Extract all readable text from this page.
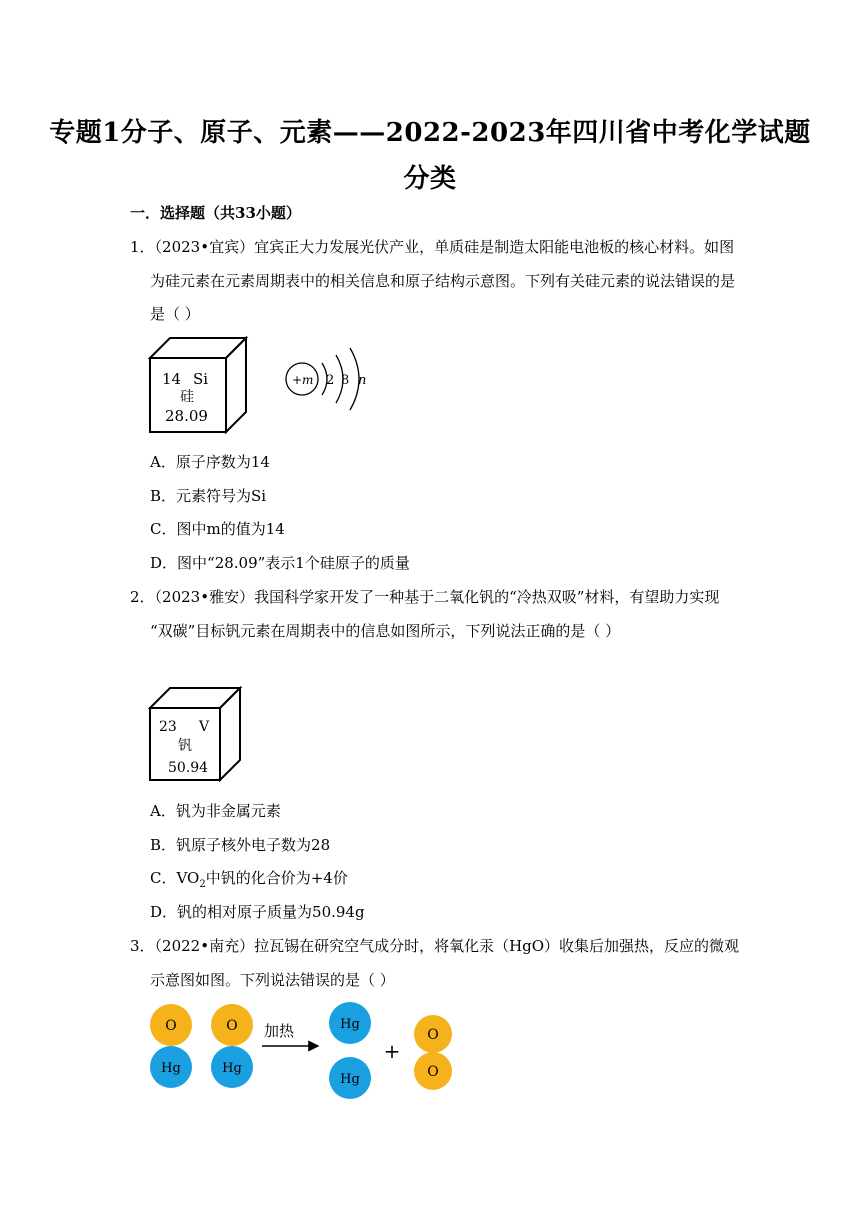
专题1分子、原子、元素——2022-2023年四川省中考化学试题
分类
一．选择题（共33小题）
1．（2023•宜宾）宜宾正大力发展光伏产业，单质硅是制造太阳能电池板的核心材料。如图
为硅元素在元素周期表中的相关信息和原子结构示意图。下列有关硅元素的说法错误的是
是（ ）
14 Si
硅
28.09
+m 2 8 n
A．原子序数为14
B．元素符号为Si
C．图中m的值为14
D．图中“28.09”表示1个硅原子的质量
2．（2023•雅安）我国科学家开发了一种基于二氧化钒的“冷热双吸”材料，有望助力实现
“双碳”目标钒元素在周期表中的信息如图所示，下列说法正确的是（ ）
23 V
钒
50.94
A．钒为非金属元素
B．钒原子核外电子数为28
C．$VO_2$中钒的化合价为+4价
D．钒的相对原子质量为50.94g
3．（2022•南充）拉瓦锡在研究空气成分时，将氧化汞（HgO）收集后加强热，反应的微观
示意图如图。下列说法错误的是（ ）
O
Hg
O
Hg
加热	Hg
Hg
+
O
O
